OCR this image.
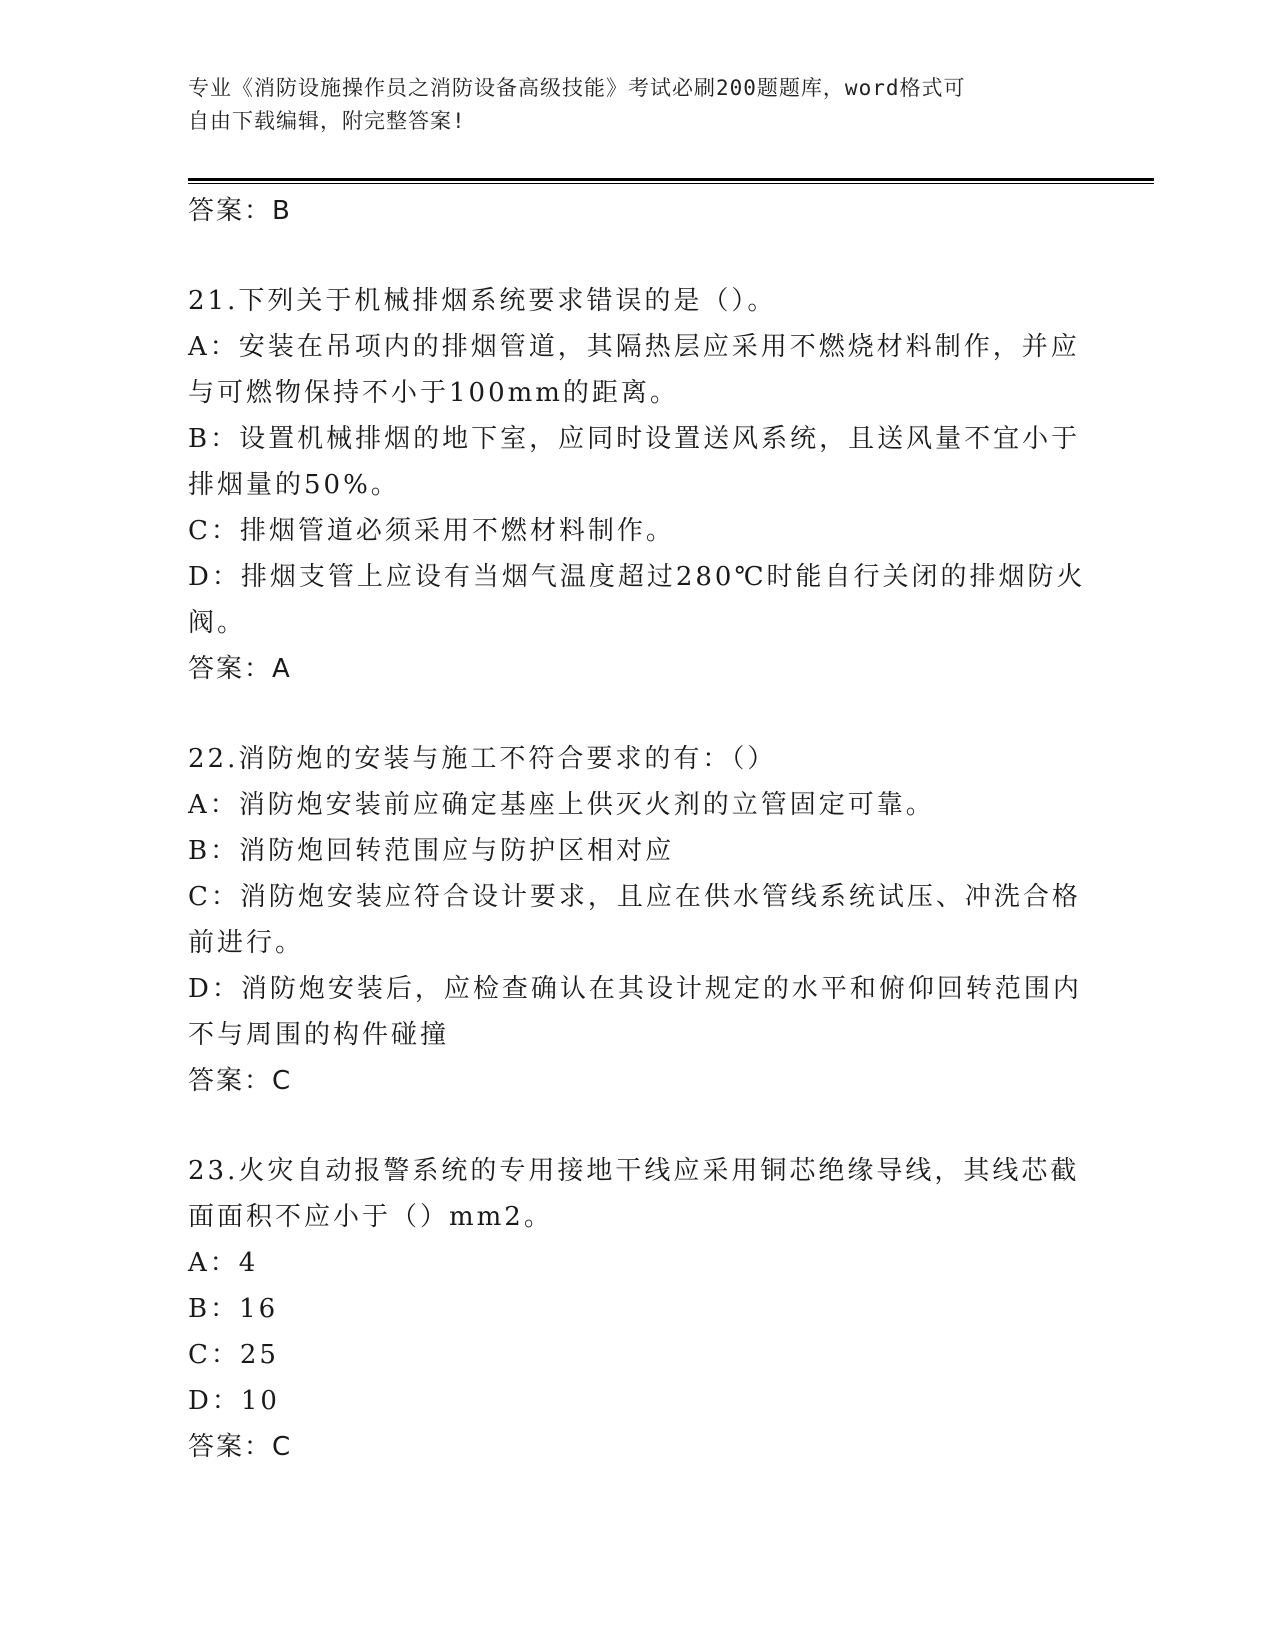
专业《消防设施操作员之消防设备高级技能》考试必刷200题题库，word格式可
自由下载编辑，附完整答案!
答案：B
21.下列关于机械排烟系统要求错误的是（）。
A：安装在吊项内的排烟管道，其隔热层应采用不燃烧材料制作，并应
与可燃物保持不小于100mm的距离。
B：设置机械排烟的地下室，应同时设置送风系统，且送风量不宜小于
排烟量的50%。
C：排烟管道必须采用不燃材料制作。
D：排烟支管上应设有当烟气温度超过280℃时能自行关闭的排烟防火
阀。
答案：A
22.消防炮的安装与施工不符合要求的有：（）
A：消防炮安装前应确定基座上供灭火剂的立管固定可靠。
B：消防炮回转范围应与防护区相对应
C：消防炮安装应符合设计要求，且应在供水管线系统试压、冲洗合格
前进行。
D：消防炮安装后，应检查确认在其设计规定的水平和俯仰回转范围内
不与周围的构件碰撞
答案：C
23.火灾自动报警系统的专用接地干线应采用铜芯绝缘导线，其线芯截
面面积不应小于（）mm2。
A：4
B：16
C：25
D：10
答案：C
